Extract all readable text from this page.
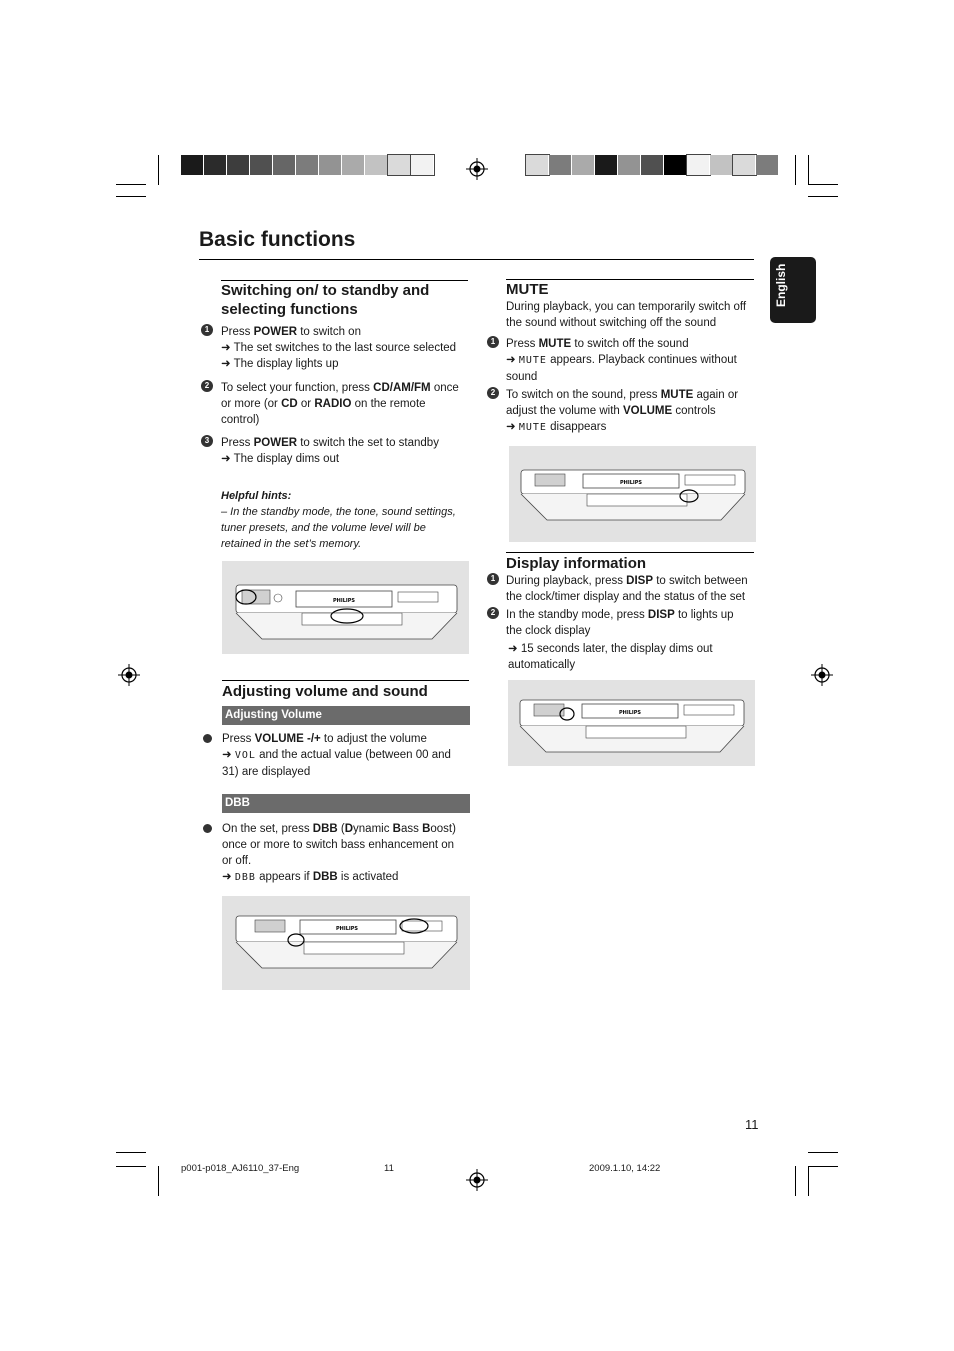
Basic functions
English
Switching on/ to standby and
selecting functions
1	Press POWER to switch on
➜ The set switches to the last source selected
➜ The display lights up
2	To select your function, press CD/AM/FM once
or more (or CD or RADIO on the remote
control)
3	Press POWER to switch the set to standby
➜ The display dims out
Helpful hints:
– In the standby mode, the tone, sound settings,
tuner presets, and the volume level will be
retained in the set’s memory.
PHILIPS
Adjusting volume and sound
Adjusting Volume
Press VOLUME -/+ to adjust the volume
➜ VOL and the actual value (between 00 and
31) are displayed
DBB
On the set, press DBB (Dynamic Bass Boost)
once or more to switch bass enhancement on
or off.
➜ DBB appears if DBB is activated
PHILIPS
MUTE
During playback, you can temporarily switch off
the sound without switching off the sound
1 Press MUTE to switch off the sound
➜ MUTE appears. Playback continues without
sound
2 To switch on the sound, press MUTE again or
adjust the volume with VOLUME controls
➜ MUTE disappears
PHILIPS
Display information
1 During playback, press DISP to switch between
the clock/timer display and the status of the set
2 In the standby mode, press DISP to lights up
the clock display
➜ 15 seconds later, the display dims out
automatically
PHILIPS
11
p001-p018_AJ6110_37-Eng	11	2009.1.10, 14:22
